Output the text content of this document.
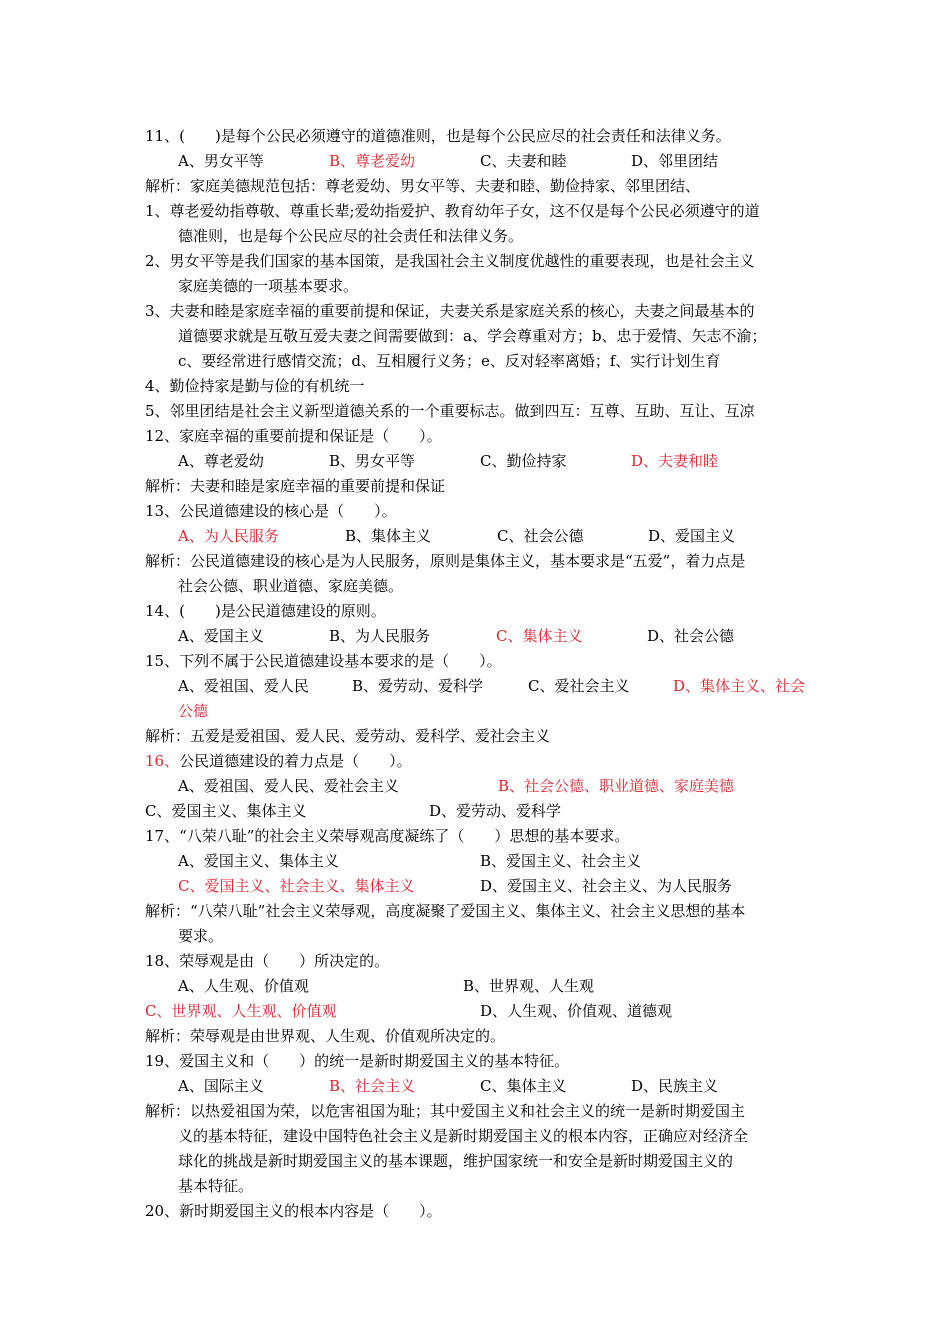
11、(　　)是每个公民必须遵守的道德准则，也是每个公民应尽的社会责任和法律义务。
A、男女平等	B、尊老爱幼	C、夫妻和睦	D、邻里团结
解析：家庭美德规范包括：尊老爱幼、男女平等、夫妻和睦、勤俭持家、邻里团结、
1、尊老爱幼指尊敬、尊重长辈;爱幼指爱护、教育幼年子女，这不仅是每个公民必须遵守的道
德准则，也是每个公民应尽的社会责任和法律义务。
2、男女平等是我们国家的基本国策，是我国社会主义制度优越性的重要表现，也是社会主义
家庭美德的一项基本要求。
3、夫妻和睦是家庭幸福的重要前提和保证，夫妻关系是家庭关系的核心，夫妻之间最基本的
道德要求就是互敬互爱夫妻之间需要做到：a、学会尊重对方；b、忠于爱情、矢志不渝；
c、要经常进行感情交流；d、互相履行义务；e、反对轻率离婚；f、实行计划生育
4、勤俭持家是勤与俭的有机统一
5、邻里团结是社会主义新型道德关系的一个重要标志。做到四互：互尊、互助、互让、互凉
12、家庭幸福的重要前提和保证是（　　）。
A、尊老爱幼	B、男女平等	C、勤俭持家	D、夫妻和睦
解析：夫妻和睦是家庭幸福的重要前提和保证
13、公民道德建设的核心是（　　）。
A、为人民服务	B、集体主义	C、社会公德	D、爱国主义
解析：公民道德建设的核心是为人民服务，原则是集体主义，基本要求是“五爱”，着力点是
社会公德、职业道德、家庭美德。
14、(　　)是公民道德建设的原则。
A、爱国主义	B、为人民服务	C、集体主义	D、社会公德
15、下列不属于公民道德建设基本要求的是（　　）。
A、爱祖国、爱人民	B、爱劳动、爱科学	C、爱社会主义	D、集体主义、社会
公德
解析：五爱是爱祖国、爱人民、爱劳动、爱科学、爱社会主义
16、公民道德建设的着力点是（　　）。
A、爱祖国、爱人民、爱社会主义	B、社会公德、职业道德、家庭美德
C、爱国主义、集体主义	D、爱劳动、爱科学
17、“八荣八耻”的社会主义荣辱观高度凝练了（　　）思想的基本要求。
A、爱国主义、集体主义	B、爱国主义、社会主义
C、爱国主义、社会主义、集体主义	D、爱国主义、社会主义、为人民服务
解析：“八荣八耻”社会主义荣辱观，高度凝聚了爱国主义、集体主义、社会主义思想的基本
要求。
18、荣辱观是由（　　）所决定的。
A、人生观、价值观	B、世界观、人生观
C、世界观、人生观、价值观	D、人生观、价值观、道德观
解析：荣辱观是由世界观、人生观、价值观所决定的。
19、爱国主义和（　　）的统一是新时期爱国主义的基本特征。
A、国际主义	B、社会主义	C、集体主义	D、民族主义
解析：以热爱祖国为荣，以危害祖国为耻；其中爱国主义和社会主义的统一是新时期爱国主
义的基本特征，建设中国特色社会主义是新时期爱国主义的根本内容，正确应对经济全
球化的挑战是新时期爱国主义的基本课题，维护国家统一和安全是新时期爱国主义的
基本特征。
20、新时期爱国主义的根本内容是（　　）。
